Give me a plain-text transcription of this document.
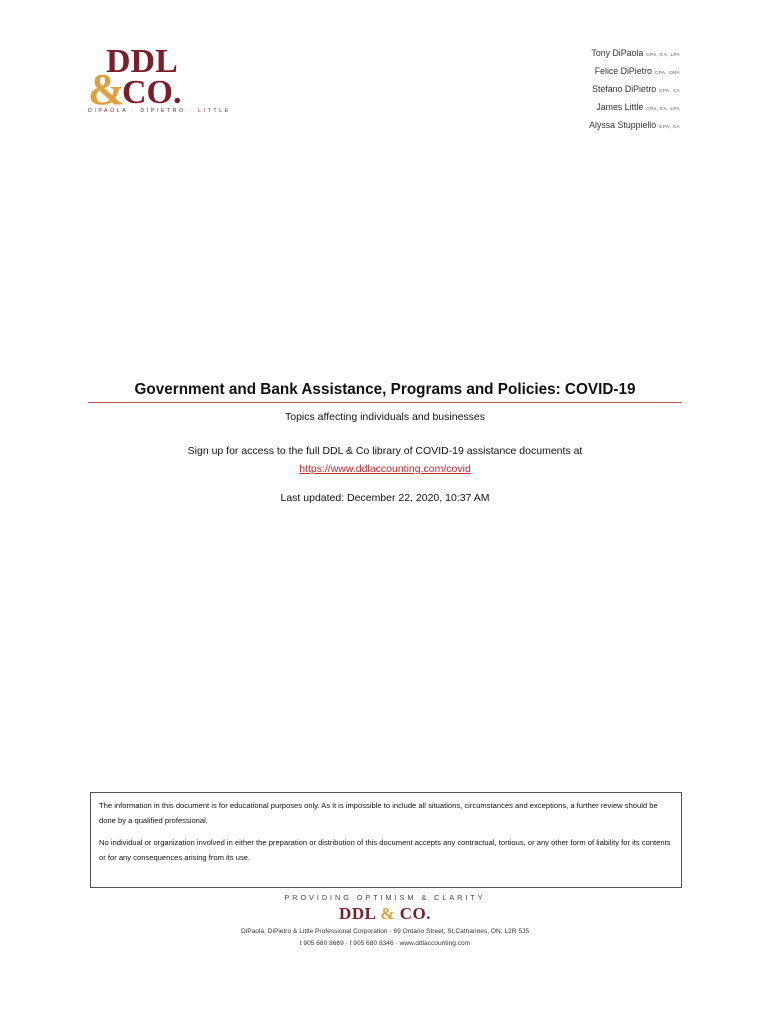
DDL
&
CO.
DIPAOLA · DIPIETRO · LITTLE
Tony DiPaola CPA, CA, LPA
Felice DiPietro CPA, CMA
Stefano DiPietro CPA, CA
James Little CPA, CA, LPA
Alyssa Stuppiello CPA, CA
Government and Bank Assistance, Programs and Policies: COVID-19
Topics affecting individuals and businesses
Sign up for access to the full DDL & Co library of COVID-19 assistance documents at
https://www.ddlaccounting.com/covid
Last updated: December 22, 2020, 10:37 AM

The information in this document is for educational purposes only. As it is impossible to include all situations, circumstances and exceptions, a further review should be done by a qualified professional.

No individual or organization involved in either the preparation or distribution of this document accepts any contractual, tortious, or any other form of liability for its contents or for any consequences arising from its use.

PROVIDING OPTIMISM & CLARITY
DDL & CO.
DiPaola, DiPietro & Little Professional Corporation · 69 Ontario Street, St.Catharines, ON. L2R 5J5
t 905 680 8669 · f 905 680 8346 · www.ddlaccounting.com
